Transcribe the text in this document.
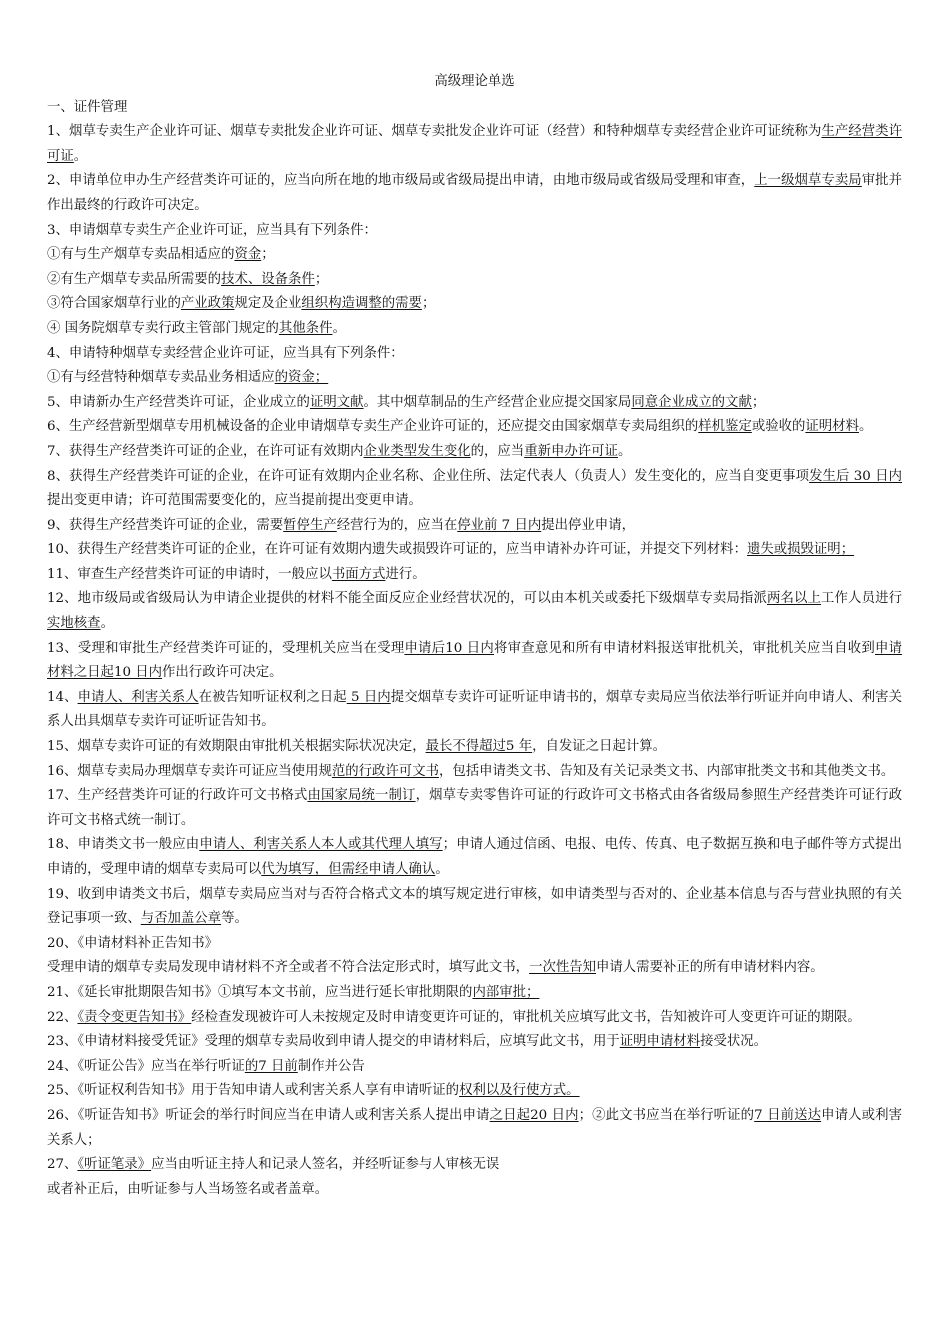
高级理论单选

一、证件管理

1、烟草专卖生产企业许可证、烟草专卖批发企业许可证、烟草专卖批发企业许可证（经营）和特种烟草专卖经营企业许可证统称为生产经营类许可证。

2、申请单位申办生产经营类许可证的，应当向所在地的地市级局或省级局提出申请，由地市级局或省级局受理和审查，上一级烟草专卖局审批并作出最终的行政许可决定。

3、申请烟草专卖生产企业许可证，应当具有下列条件：

①有与生产烟草专卖品相适应的资金；

②有生产烟草专卖品所需要的技术、设备条件；

③符合国家烟草行业的产业政策规定及企业组织构造调整的需要；

④ 国务院烟草专卖行政主管部门规定的其他条件。

4、申请特种烟草专卖经营企业许可证，应当具有下列条件：

①有与经营特种烟草专卖品业务相适应的资金；

5、申请新办生产经营类许可证，企业成立的证明文献。其中烟草制品的生产经营企业应提交国家局同意企业成立的文献；

6、生产经营新型烟草专用机械设备的企业申请烟草专卖生产企业许可证的，还应提交由国家烟草专卖局组织的样机鉴定或验收的证明材料。

7、获得生产经营类许可证的企业，在许可证有效期内企业类型发生变化的，应当重新申办许可证。

8、获得生产经营类许可证的企业，在许可证有效期内企业名称、企业住所、法定代表人（负责人）发生变化的，应当自变更事项发生后 30 日内提出变更申请；许可范围需要变化的，应当提前提出变更申请。

9、获得生产经营类许可证的企业，需要暂停生产经营行为的，应当在停业前 7 日内提出停业申请，

10、获得生产经营类许可证的企业，在许可证有效期内遗失或损毁许可证的，应当申请补办许可证，并提交下列材料：遗失或损毁证明；

11、审查生产经营类许可证的申请时，一般应以书面方式进行。

12、地市级局或省级局认为申请企业提供的材料不能全面反应企业经营状况的，可以由本机关或委托下级烟草专卖局指派两名以上工作人员进行实地核查。

13、受理和审批生产经营类许可证的，受理机关应当在受理申请后10 日内将审查意见和所有申请材料报送审批机关，审批机关应当自收到申请材料之日起10 日内作出行政许可决定。

14、申请人、利害关系人在被告知听证权利之日起 5 日内提交烟草专卖许可证听证申请书的，烟草专卖局应当依法举行听证并向申请人、利害关系人出具烟草专卖许可证听证告知书。

15、烟草专卖许可证的有效期限由审批机关根据实际状况决定，最长不得超过5 年，自发证之日起计算。

16、烟草专卖局办理烟草专卖许可证应当使用规范的行政许可文书，包括申请类文书、告知及有关记录类文书、内部审批类文书和其他类文书。

17、生产经营类许可证的行政许可文书格式由国家局统一制订，烟草专卖零售许可证的行政许可文书格式由各省级局参照生产经营类许可证行政许可文书格式统一制订。

18、申请类文书一般应由申请人、利害关系人本人或其代理人填写；申请人通过信函、电报、电传、传真、电子数据互换和电子邮件等方式提出申请的，受理申请的烟草专卖局可以代为填写，但需经申请人确认。

19、收到申请类文书后，烟草专卖局应当对与否符合格式文本的填写规定进行审核，如申请类型与否对的、企业基本信息与否与营业执照的有关登记事项一致、与否加盖公章等。

20、《申请材料补正告知书》

受理申请的烟草专卖局发现申请材料不齐全或者不符合法定形式时，填写此文书，一次性告知申请人需要补正的所有申请材料内容。

21、《延长审批期限告知书》①填写本文书前，应当进行延长审批期限的内部审批；

22、《责令变更告知书》经检查发现被许可人未按规定及时申请变更许可证的，审批机关应填写此文书，告知被许可人变更许可证的期限。

23、《申请材料接受凭证》受理的烟草专卖局收到申请人提交的申请材料后，应填写此文书，用于证明申请材料接受状况。

24、《听证公告》应当在举行听证的7 日前制作并公告

25、《听证权利告知书》用于告知申请人或利害关系人享有申请听证的权利以及行使方式。

26、《听证告知书》听证会的举行时间应当在申请人或利害关系人提出申请之日起20 日内；②此文书应当在举行听证的7 日前送达申请人或利害关系人；

27、《听证笔录》应当由听证主持人和记录人签名，并经听证参与人审核无误

或者补正后，由听证参与人当场签名或者盖章。
